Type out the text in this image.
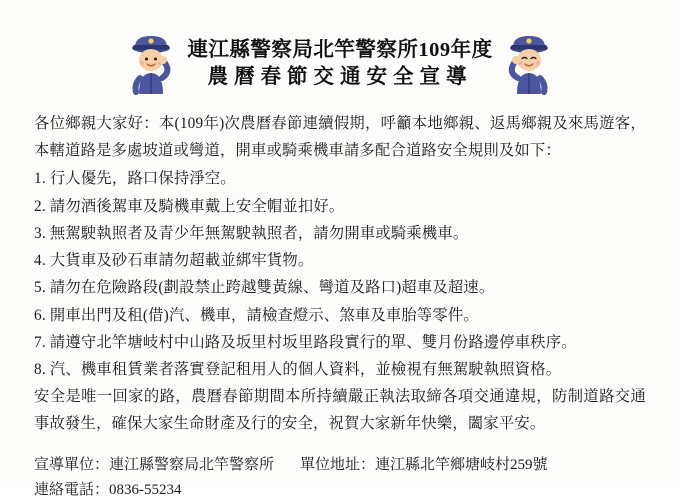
連江縣警察局北竿警察所109年度
農曆春節交通安全宣導

各位鄉親大家好：本(109年)次農曆春節連續假期，呼籲本地鄉親、返馬鄉親及來馬遊客，本轄道路是多處坡道或彎道，開車或騎乘機車請多配合道路安全規則及如下：

1. 行人優先，路口保持淨空。
2. 請勿酒後駕車及騎機車戴上安全帽並扣好。
3. 無駕駛執照者及青少年無駕駛執照者，請勿開車或騎乘機車。
4. 大貨車及砂石車請勿超載並綁牢貨物。
5. 請勿在危險路段(劃設禁止跨越雙黃線、彎道及路口)超車及超速。
6. 開車出門及租(借)汽、機車，請檢查燈示、煞車及車胎等零件。
7. 請遵守北竿塘岐村中山路及坂里村坂里路段實行的單、雙月份路邊停車秩序。
8. 汽、機車租賃業者落實登記租用人的個人資料，並檢視有無駕駛執照資格。

安全是唯一回家的路，農曆春節期間本所持續嚴正執法取締各項交通違規，防制道路交通事故發生，確保大家生命財產及行的安全，祝賀大家新年快樂，闔家平安。

宣導單位：連江縣警察局北竿警察所 單位地址：連江縣北竿鄉塘岐村259號
連絡電話：0836-55234
